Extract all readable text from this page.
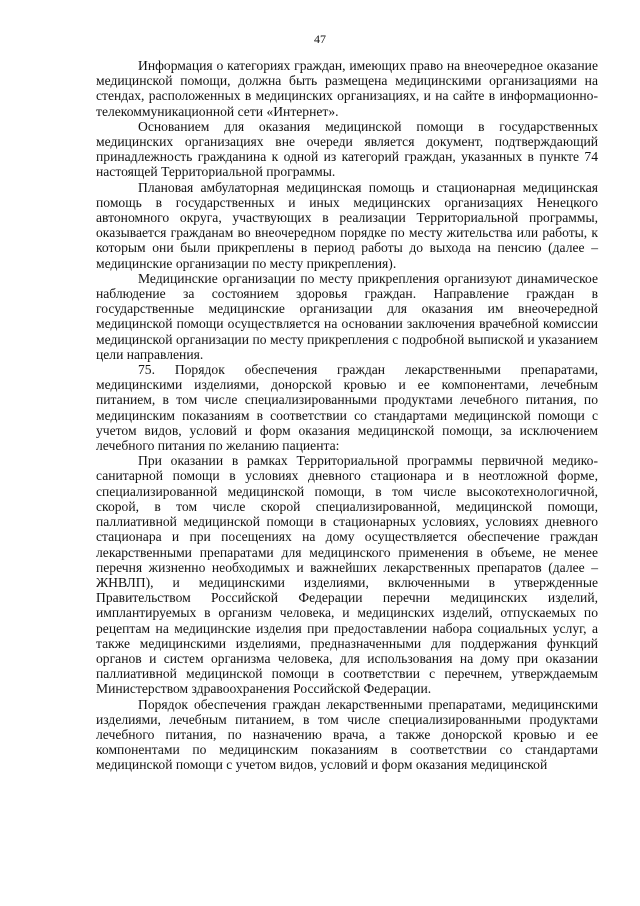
47

Информация о категориях граждан, имеющих право на внеочередное оказание медицинской помощи, должна быть размещена медицинскими организациями на стендах, расположенных в медицинских организациях, и на сайте в информационно-телекоммуникационной сети «Интернет».

Основанием для оказания медицинской помощи в государственных медицинских организациях вне очереди является документ, подтверждающий принадлежность гражданина к одной из категорий граждан, указанных в пункте 74 настоящей Территориальной программы.

Плановая амбулаторная медицинская помощь и стационарная медицинская помощь в государственных и иных медицинских организациях Ненецкого автономного округа, участвующих в реализации Территориальной программы, оказывается гражданам во внеочередном порядке по месту жительства или работы, к которым они были прикреплены в период работы до выхода на пенсию (далее – медицинские организации по месту прикрепления).

Медицинские организации по месту прикрепления организуют динамическое наблюдение за состоянием здоровья граждан. Направление граждан в государственные медицинские организации для оказания им внеочередной медицинской помощи осуществляется на основании заключения врачебной комиссии медицинской организации по месту прикрепления с подробной выпиской и указанием цели направления.

75. Порядок обеспечения граждан лекарственными препаратами, медицинскими изделиями, донорской кровью и ее компонентами, лечебным питанием, в том числе специализированными продуктами лечебного питания, по медицинским показаниям в соответствии со стандартами медицинской помощи с учетом видов, условий и форм оказания медицинской помощи, за исключением лечебного питания по желанию пациента:

При оказании в рамках Территориальной программы первичной медико-санитарной помощи в условиях дневного стационара и в неотложной форме, специализированной медицинской помощи, в том числе высокотехнологичной, скорой, в том числе скорой специализированной, медицинской помощи, паллиативной медицинской помощи в стационарных условиях, условиях дневного стационара и при посещениях на дому осуществляется обеспечение граждан лекарственными препаратами для медицинского применения в объеме, не менее перечня жизненно необходимых и важнейших лекарственных препаратов (далее – ЖНВЛП), и медицинскими изделиями, включенными в утвержденные Правительством Российской Федерации перечни медицинских изделий, имплантируемых в организм человека, и медицинских изделий, отпускаемых по рецептам на медицинские изделия при предоставлении набора социальных услуг, а также медицинскими изделиями, предназначенными для поддержания функций органов и систем организма человека, для использования на дому при оказании паллиативной медицинской помощи в соответствии с перечнем, утверждаемым Министерством здравоохранения Российской Федерации.

Порядок обеспечения граждан лекарственными препаратами, медицинскими изделиями, лечебным питанием, в том числе специализированными продуктами лечебного питания, по назначению врача, а также донорской кровью и ее компонентами по медицинским показаниям в соответствии со стандартами медицинской помощи с учетом видов, условий и форм оказания медицинской
